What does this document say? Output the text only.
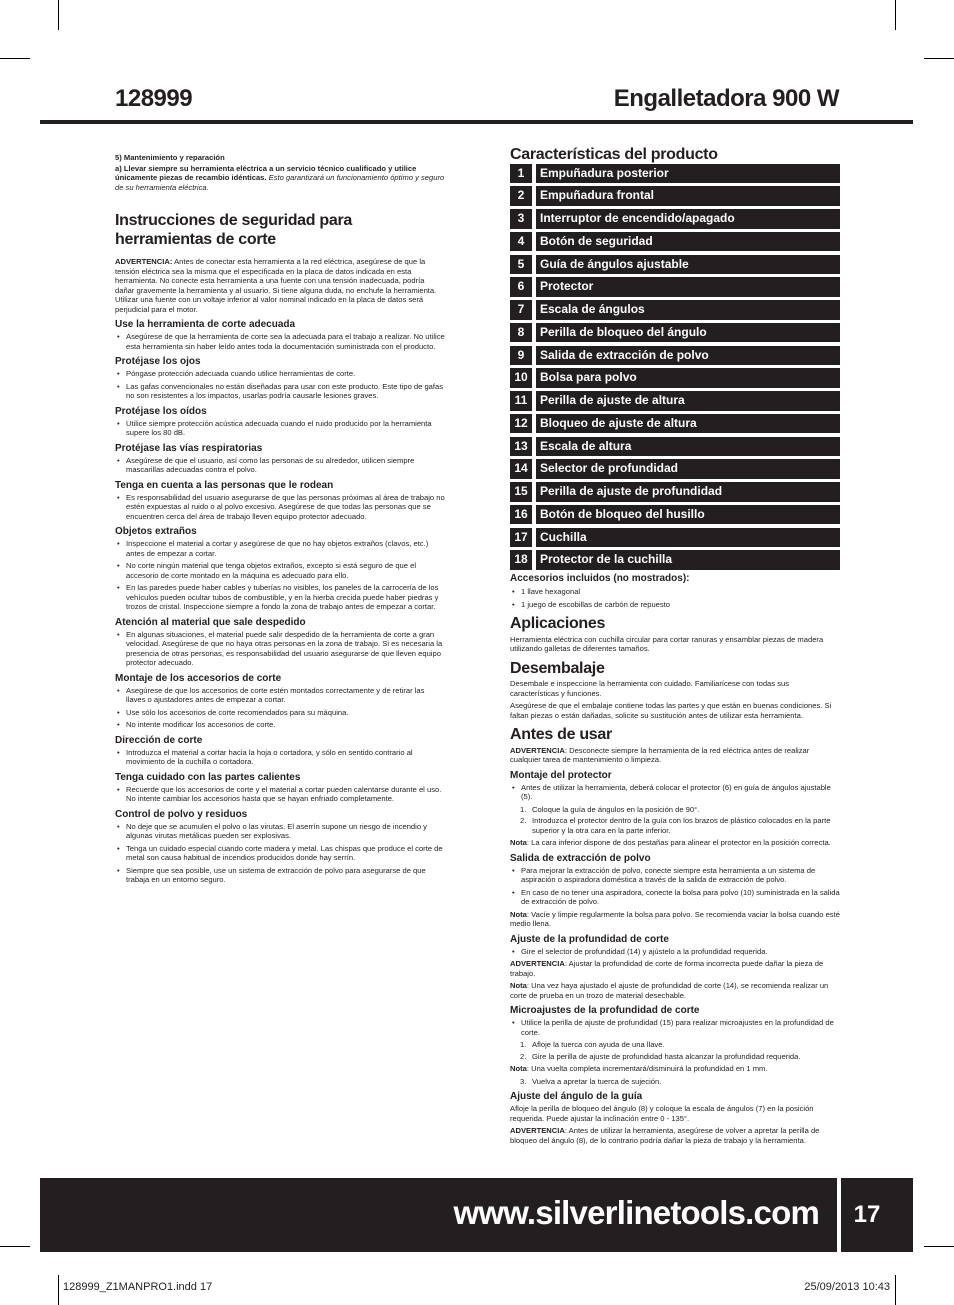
128999	Engalletadora 900 W

5) Mantenimiento y reparación

a) Llevar siempre su herramienta eléctrica a un servicio técnico cualificado y utilice únicamente piezas de recambio idénticas. Esto garantizará un funcionamiento óptimo y seguro de su herramienta eléctrica.

Instrucciones de seguridad para herramientas de corte

ADVERTENCIA: Antes de conectar esta herramienta a la red eléctrica, asegúrese de que la tensión eléctrica sea la misma que el especificada en la placa de datos indicada en esta herramienta. No conecte esta herramienta a una fuente con una tensión inadecuada, podría dañar gravemente la herramienta y al usuario. Si tiene alguna duda, no enchufe la herramienta. Utilizar una fuente con un voltaje inferior al valor nominal indicado en la placa de datos será perjudicial para el motor.

Use la herramienta de corte adecuada
• Asegúrese de que la herramienta de corte sea la adecuada para el trabajo a realizar. No utilice esta herramienta sin haber leído antes toda la documentación suministrada con el producto.
Protéjase los ojos
• Póngase protección adecuada cuando utilice herramientas de corte.
• Las gafas convencionales no están diseñadas para usar con este producto. Este tipo de gafas no son resistentes a los impactos, usarlas podría causarle lesiones graves.
Protéjase los oídos
• Utilice siempre protección acústica adecuada cuando el ruido producido por la herramienta supere los 80 dB.
Protéjase las vías respiratorias
• Asegúrese de que el usuario, así como las personas de su alrededor, utilicen siempre mascarillas adecuadas contra el polvo.
Tenga en cuenta a las personas que le rodean
• Es responsabilidad del usuario asegurarse de que las personas próximas al área de trabajo no estén expuestas al ruido o al polvo excesivo. Asegúrese de que todas las personas que se encuentren cerca del área de trabajo lleven equipo protector adecuado.
Objetos extraños
• Inspeccione el material a cortar y asegúrese de que no hay objetos extraños (clavos, etc.) antes de empezar a cortar.
• No corte ningún material que tenga objetos extraños, excepto si está seguro de que el accesorio de corte montado en la máquina es adecuado para ello.
• En las paredes puede haber cables y tuberías no visibles, los paneles de la carrocería de los vehículos pueden ocultar tubos de combustible, y en la hierba crecida puede haber piedras y trozos de cristal. Inspeccione siempre a fondo la zona de trabajo antes de empezar a cortar.
Atención al material que sale despedido
• En algunas situaciones, el material puede salir despedido de la herramienta de corte a gran velocidad. Asegúrese de que no haya otras personas en la zona de trabajo. Si es necesaria la presencia de otras personas, es responsabilidad del usuario asegurarse de que lleven equipo protector adecuado.
Montaje de los accesorios de corte
• Asegúrese de que los accesorios de corte estén montados correctamente y de retirar las llaves o ajustadores antes de empezar a cortar.
• Use sólo los accesorios de corte recomendados para su máquina.
• No intente modificar los accesorios de corte.
Dirección de corte
• Introduzca el material a cortar hacia la hoja o cortadora, y sólo en sentido contrario al movimiento de la cuchilla o cortadora.
Tenga cuidado con las partes calientes
• Recuerde que los accesorios de corte y el material a cortar pueden calentarse durante el uso. No intente cambiar los accesorios hasta que se hayan enfriado completamente.
Control de polvo y residuos
• No deje que se acumulen el polvo o las virutas. El aserrín supone un riesgo de incendio y algunas virutas metálicas pueden ser explosivas.
• Tenga un cuidado especial cuando corte madera y metal. Las chispas que produce el corte de metal son causa habitual de incendios producidos donde hay serrín.
• Siempre que sea posible, use un sistema de extracción de polvo para asegurarse de que trabaja en un entorno seguro.
Características del producto
1	Empuñadura posterior
2	Empuñadura frontal
3	Interruptor de encendido/apagado
4	Botón de seguridad
5	Guía de ángulos ajustable
6	Protector
7	Escala de ángulos
8	Perilla de bloqueo del ángulo
9	Salida de extracción de polvo
10	Bolsa para polvo
11	Perilla de ajuste de altura
12	Bloqueo de ajuste de altura
13	Escala de altura
14	Selector de profundidad
15	Perilla de ajuste de profundidad
16	Botón de bloqueo del husillo
17	Cuchilla
18	Protector de la cuchilla
Accesorios incluidos (no mostrados):
• 1 llave hexagonal
• 1 juego de escobillas de carbón de repuesto
Aplicaciones

Herramienta eléctrica con cuchilla circular para cortar ranuras y ensamblar piezas de madera utilizando galletas de diferentes tamaños.

Desembalaje

Desembale e inspeccione la herramienta con cuidado. Familiarícese con todas sus características y funciones.

Asegúrese de que el embalaje contiene todas las partes y que están en buenas condiciones. Si faltan piezas o están dañadas, solicite su sustitución antes de utilizar esta herramienta.

Antes de usar

ADVERTENCIA: Desconecte siempre la herramienta de la red eléctrica antes de realizar cualquier tarea de mantenimiento o limpieza.

Montaje del protector
• Antes de utilizar la herramienta, deberá colocar el protector (6) en guía de ángulos ajustable (5).
1. Coloque la guía de ángulos en la posición de 90°.
2. Introduzca el protector dentro de la guía con los brazos de plástico colocados en la parte superior y la otra cara en la parte inferior.

Nota: La cara inferior dispone de dos pestañas para alinear el protector en la posición correcta.

Salida de extracción de polvo
• Para mejorar la extracción de polvo, conecte siempre esta herramienta a un sistema de aspiración o aspiradora doméstica a través de la salida de extracción de polvo.
• En caso de no tener una aspiradora, conecte la bolsa para polvo (10) suministrada en la salida de extracción de polvo.

Nota: Vacíe y limpie regularmente la bolsa para polvo. Se recomienda vaciar la bolsa cuando esté medio llena.

Ajuste de la profundidad de corte
• Gire el selector de profundidad (14) y ajústelo a la profundidad requerida.

ADVERTENCIA: Ajustar la profundidad de corte de forma incorrecta puede dañar la pieza de trabajo.

Nota: Una vez haya ajustado el ajuste de profundidad de corte (14), se recomienda realizar un corte de prueba en un trozo de material desechable.

Microajustes de la profundidad de corte
• Utilice la perilla de ajuste de profundidad (15) para realizar microajustes en la profundidad de corte.
1. Afloje la tuerca con ayuda de una llave.
2. Gire la perilla de ajuste de profundidad hasta alcanzar la profundidad requerida.

Nota: Una vuelta completa incrementará/disminuirá la profundidad en 1 mm.

3. Vuelva a apretar la tuerca de sujeción.
Ajuste del ángulo de la guía

Afloje la perilla de bloqueo del ángulo (8) y coloque la escala de ángulos (7) en la posición requerida. Puede ajustar la inclinación entre 0 - 135°.

ADVERTENCIA: Antes de utilizar la herramienta, asegúrese de volver a apretar la perilla de bloqueo del ángulo (8), de lo contrario podría dañar la pieza de trabajo y la herramienta.

www.silverlinetools.com	17
128999_Z1MANPRO1.indd 17	25/09/2013 10:43
